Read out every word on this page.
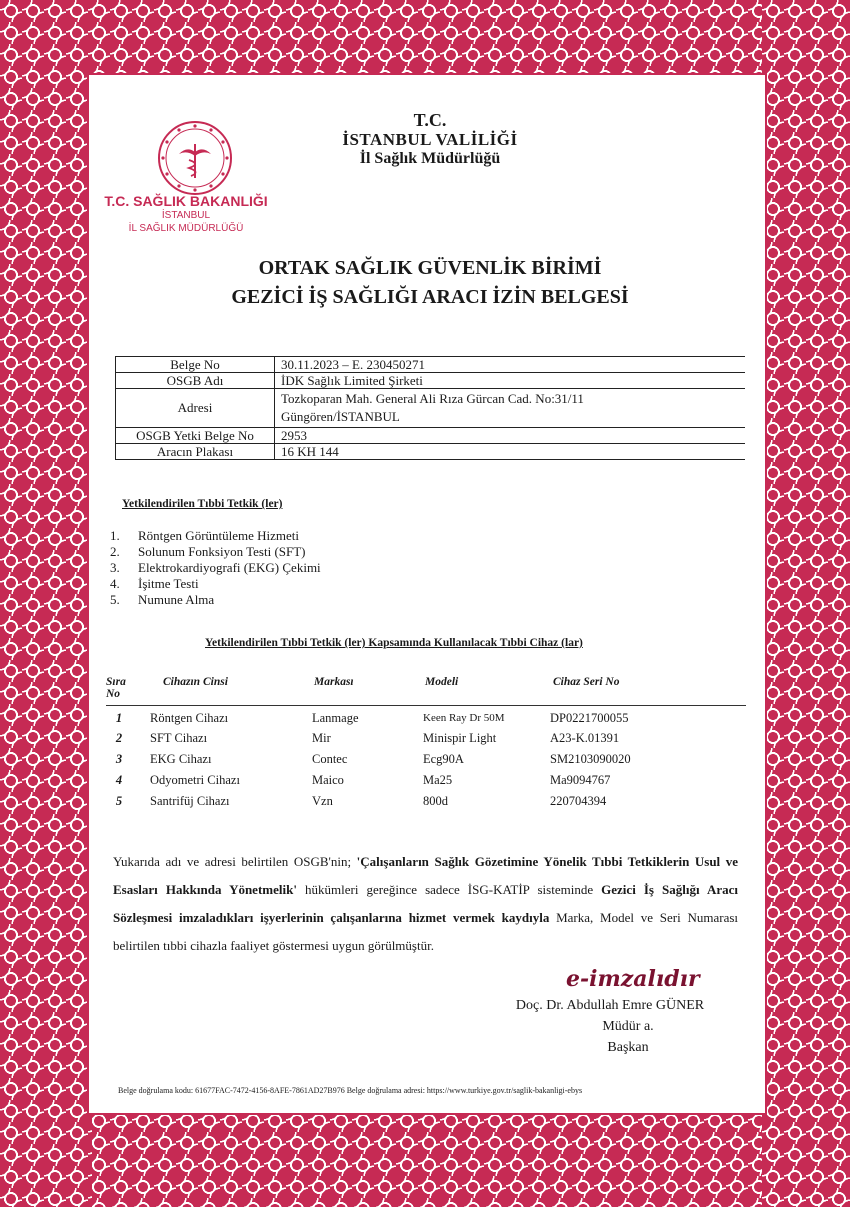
T.C. SAĞLIK BAKANLIĞI
İSTANBUL
İL SAĞLIK MÜDÜRLÜĞÜ
T.C.
İSTANBUL VALİLİĞİ
İl Sağlık Müdürlüğü
ORTAK SAĞLIK GÜVENLİK BİRİMİ
GEZİCİ İŞ SAĞLIĞI ARACI İZİN BELGESİ
Belge No	30.11.2023 – E. 230450271
OSGB Adı	İDK Sağlık Limited Şirketi
Adresi	Tozkoparan Mah. General Ali Rıza Gürcan Cad. No:31/11
Güngören/İSTANBUL

OSGB Yetki Belge No	2953
Aracın Plakası	16 KH 144
Yetkilendirilen Tıbbi Tetkik (ler)
1. Röntgen Görüntüleme Hizmeti
2. Solunum Fonksiyon Testi (SFT)
3. Elektrokardiyografi (EKG) Çekimi
4. İşitme Testi
5. Numune Alma
Yetkilendirilen Tıbbi Tetkik (ler) Kapsamında Kullanılacak Tıbbi Cihaz (lar)
Sıra
No
Cihazın Cinsi	Markası	Modeli	Cihaz Seri No
1 Röntgen Cihazı	Lanmage	Keen Ray Dr 50M	DP0221700055
2 SFT Cihazı	Mir	Minispir Light	A23-K.01391
3 EKG Cihazı	Contec	Ecg90A	SM2103090020
4 Odyometri Cihazı	Maico	Ma25	Ma9094767
5 Santrifüj Cihazı	Vzn	800d	220704394
Yukarıda adı ve adresi belirtilen OSGB'nin; 'Çalışanların Sağlık Gözetimine Yönelik Tıbbi Tetkiklerin Usul ve Esasları Hakkında Yönetmelik' hükümleri gereğince sadece İSG-KATİP sisteminde Gezici İş Sağlığı Aracı Sözleşmesi imzaladıkları işyerlerinin çalışanlarına hizmet vermek kaydıyla Marka, Model ve Seri Numarası belirtilen tıbbi cihazla faaliyet göstermesi uygun görülmüştür.
e-imzalıdır
Doç. Dr. Abdullah Emre GÜNER
Müdür a.
Başkan
Belge doğrulama kodu: 61677FAC-7472-4156-8AFE-7861AD27B976 Belge doğrulama adresi: https://www.turkiye.gov.tr/saglik-bakanligi-ebys
